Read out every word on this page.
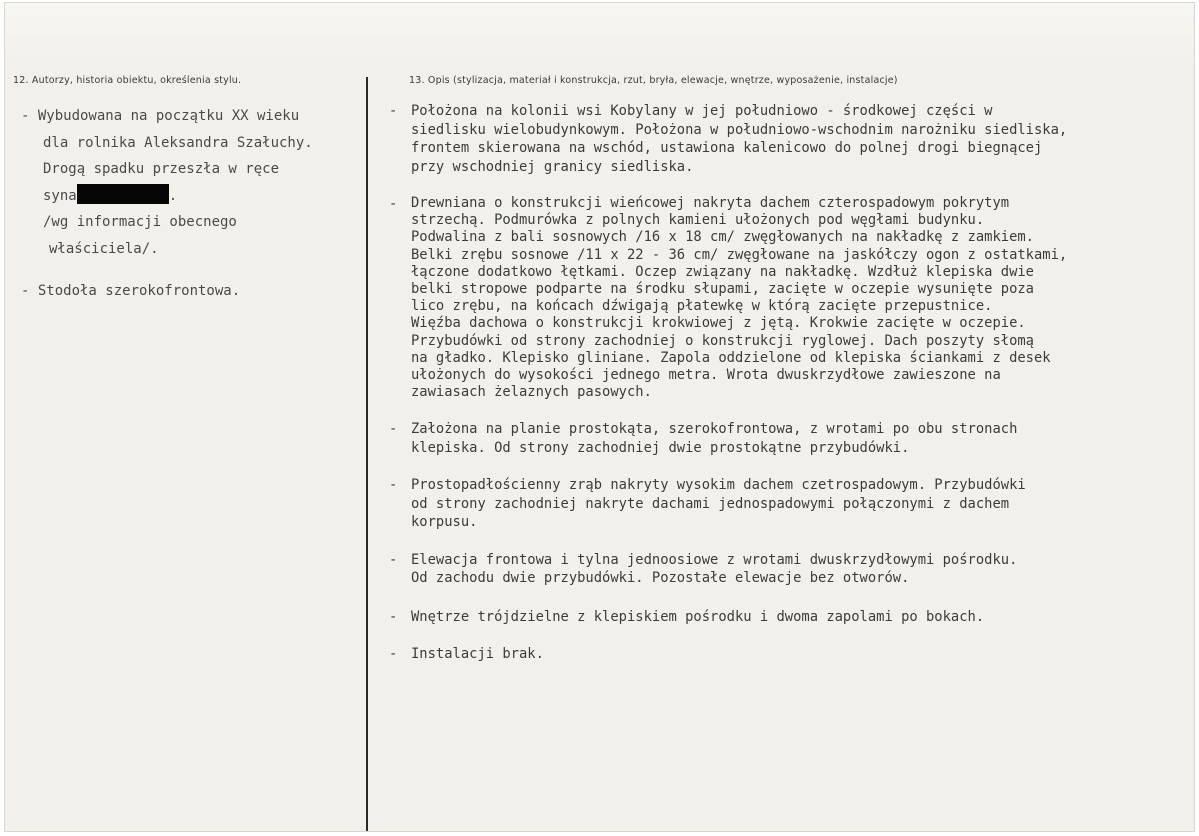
12. Autorzy, historia obiektu, określenia stylu.	13. Opis (stylizacja, materiał i konstrukcja, rzut, bryła, elewacje, wnętrze, wyposażenie, instalacje)

- Wybudowana na początku XX wieku

dla rolnika Aleksandra Szałuchy.

Drogą spadku przeszła w ręce

syna	.

/wg informacji obecnego

właściciela/.

- Stodoła szerokofrontowa.

- Położona na kolonii wsi Kobylany w jej południowo - środkowej części w
siedlisku wielobudynkowym. Położona w południowo-wschodnim narożniku siedliska,
frontem skierowana na wschód, ustawiona kalenicowo do polnej drogi biegnącej
przy wschodniej granicy siedliska.
- Drewniana o konstrukcji wieńcowej nakryta dachem czterospadowym pokrytym
strzechą. Podmurówka z polnych kamieni ułożonych pod węgłami budynku.
Podwalina z bali sosnowych /16 x 18 cm/ zwęgłowanych na nakładkę z zamkiem.
Belki zrębu sosnowe /11 x 22 - 36 cm/ zwęgłowane na jaskółczy ogon z ostatkami,
łączone dodatkowo łętkami. Oczep związany na nakładkę. Wzdłuż klepiska dwie
belki stropowe podparte na środku słupami, zacięte w oczepie wysunięte poza
lico zrębu, na końcach dźwigają płatewkę w którą zacięte przepustnice.
Więźba dachowa o konstrukcji krokwiowej z jętą. Krokwie zacięte w oczepie.
Przybudówki od strony zachodniej o konstrukcji ryglowej. Dach poszyty słomą
na gładko. Klepisko gliniane. Zapola oddzielone od klepiska ściankami z desek
ułożonych do wysokości jednego metra. Wrota dwuskrzydłowe zawieszone na
zawiasach żelaznych pasowych.
- Założona na planie prostokąta, szerokofrontowa, z wrotami po obu stronach
klepiska. Od strony zachodniej dwie prostokątne przybudówki.
- Prostopadłościenny zrąb nakryty wysokim dachem czetrospadowym. Przybudówki
od strony zachodniej nakryte dachami jednospadowymi połączonymi z dachem
korpusu.
- Elewacja frontowa i tylna jednoosiowe z wrotami dwuskrzydłowymi pośrodku.
Od zachodu dwie przybudówki. Pozostałe elewacje bez otworów.
- Wnętrze trójdzielne z klepiskiem pośrodku i dwoma zapolami po bokach.
- Instalacji brak.
